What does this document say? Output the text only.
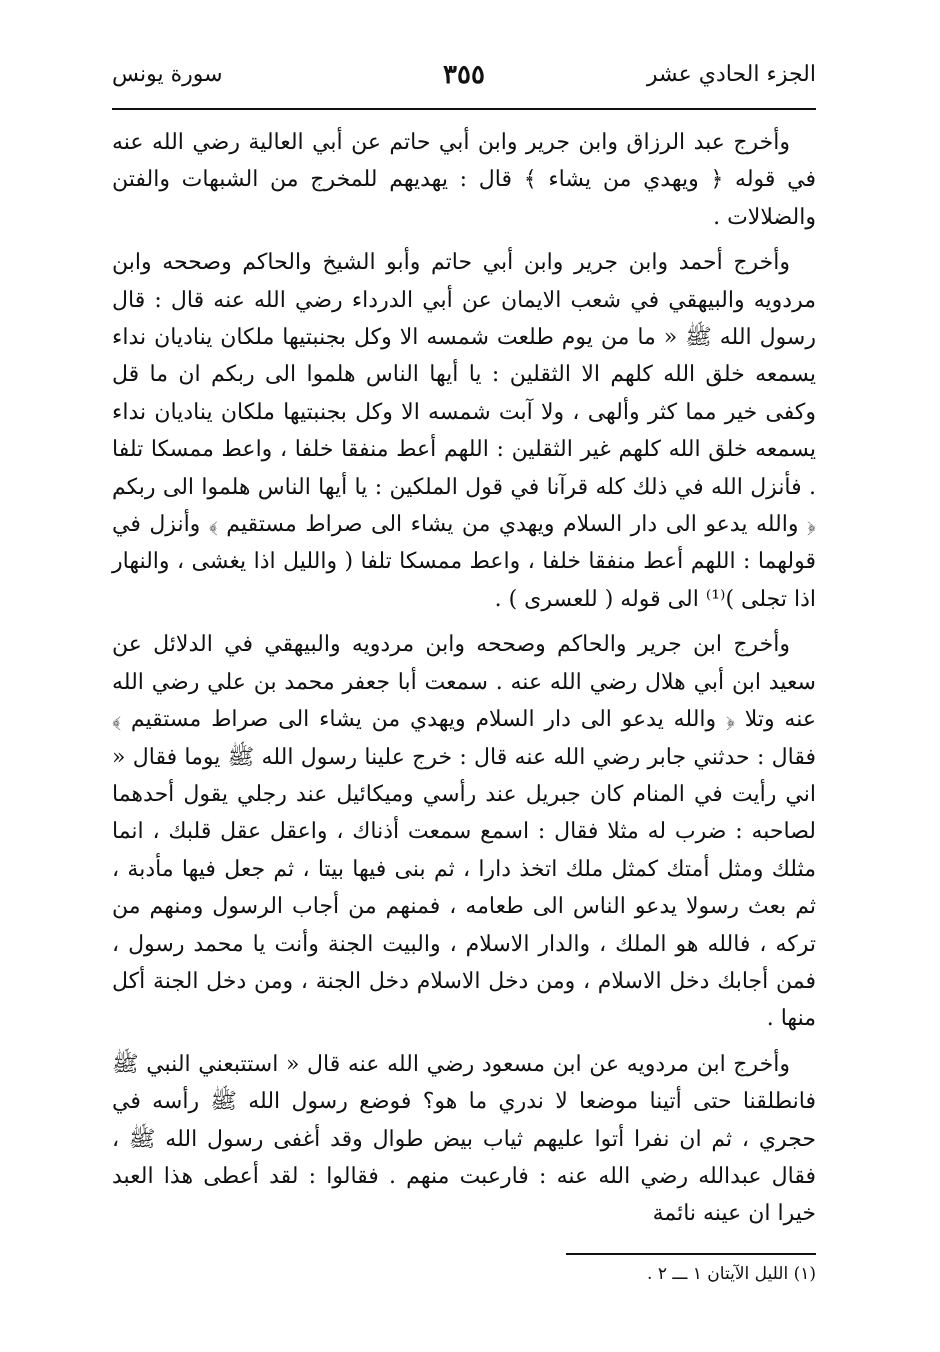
الجزء الحادي عشر
٣٥٥
سورة يونس

وأخرج عبد الرزاق وابن جرير وابن أبي حاتم عن أبي العالية رضي الله عنه في قوله ﴿ ويهدي من يشاء ﴾ قال : يهديهم للمخرج من الشبهات والفتن والضلالات .

وأخرج أحمد وابن جرير وابن أبي حاتم وأبو الشيخ والحاكم وصححه وابن مردويه والبيهقي في شعب الايمان عن أبي الدرداء رضي الله عنه قال : قال رسول الله ﷺ « ما من يوم طلعت شمسه الا وكل بجنبتيها ملكان يناديان نداء يسمعه خلق الله كلهم الا الثقلين : يا أيها الناس هلموا الى ربكم ان ما قل وكفى خير مما كثر وألهى ، ولا آبت شمسه الا وكل بجنبتيها ملكان يناديان نداء يسمعه خلق الله كلهم غير الثقلين : اللهم أعط منفقا خلفا ، واعط ممسكا تلفا . فأنزل الله في ذلك كله قرآنا في قول الملكين : يا أيها الناس هلموا الى ربكم ﴿ والله يدعو الى دار السلام ويهدي من يشاء الى صراط مستقيم ﴾ وأنزل في قولهما : اللهم أعط منفقا خلفا ، واعط ممسكا تلفا ( والليل اذا يغشى ، والنهار اذا تجلى )⁽¹⁾ الى قوله ( للعسرى ) .

وأخرج ابن جرير والحاكم وصححه وابن مردويه والبيهقي في الدلائل عن سعيد ابن أبي هلال رضي الله عنه . سمعت أبا جعفر محمد بن علي رضي الله عنه وتلا ﴿ والله يدعو الى دار السلام ويهدي من يشاء الى صراط مستقيم ﴾ فقال : حدثني جابر رضي الله عنه قال : خرج علينا رسول الله ﷺ يوما فقال « اني رأيت في المنام كان جبريل عند رأسي وميكائيل عند رجلي يقول أحدهما لصاحبه : ضرب له مثلا فقال : اسمع سمعت أذناك ، واعقل عقل قلبك ، انما مثلك ومثل أمتك كمثل ملك اتخذ دارا ، ثم بنى فيها بيتا ، ثم جعل فيها مأدبة ، ثم بعث رسولا يدعو الناس الى طعامه ، فمنهم من أجاب الرسول ومنهم من تركه ، فالله هو الملك ، والدار الاسلام ، والبيت الجنة وأنت يا محمد رسول ، فمن أجابك دخل الاسلام ، ومن دخل الاسلام دخل الجنة ، ومن دخل الجنة أكل منها .

وأخرج ابن مردويه عن ابن مسعود رضي الله عنه قال « استتبعني النبي ﷺ فانطلقنا حتى أتينا موضعا لا ندري ما هو؟ فوضع رسول الله ﷺ رأسه في حجري ، ثم ان نفرا أتوا عليهم ثياب بيض طوال وقد أغفى رسول الله ﷺ ، فقال عبدالله رضي الله عنه : فارعبت منهم . فقالوا : لقد أعطى هذا العبد خيرا ان عينه نائمة

(١) الليل الآيتان ١ ـــ ٢ .
